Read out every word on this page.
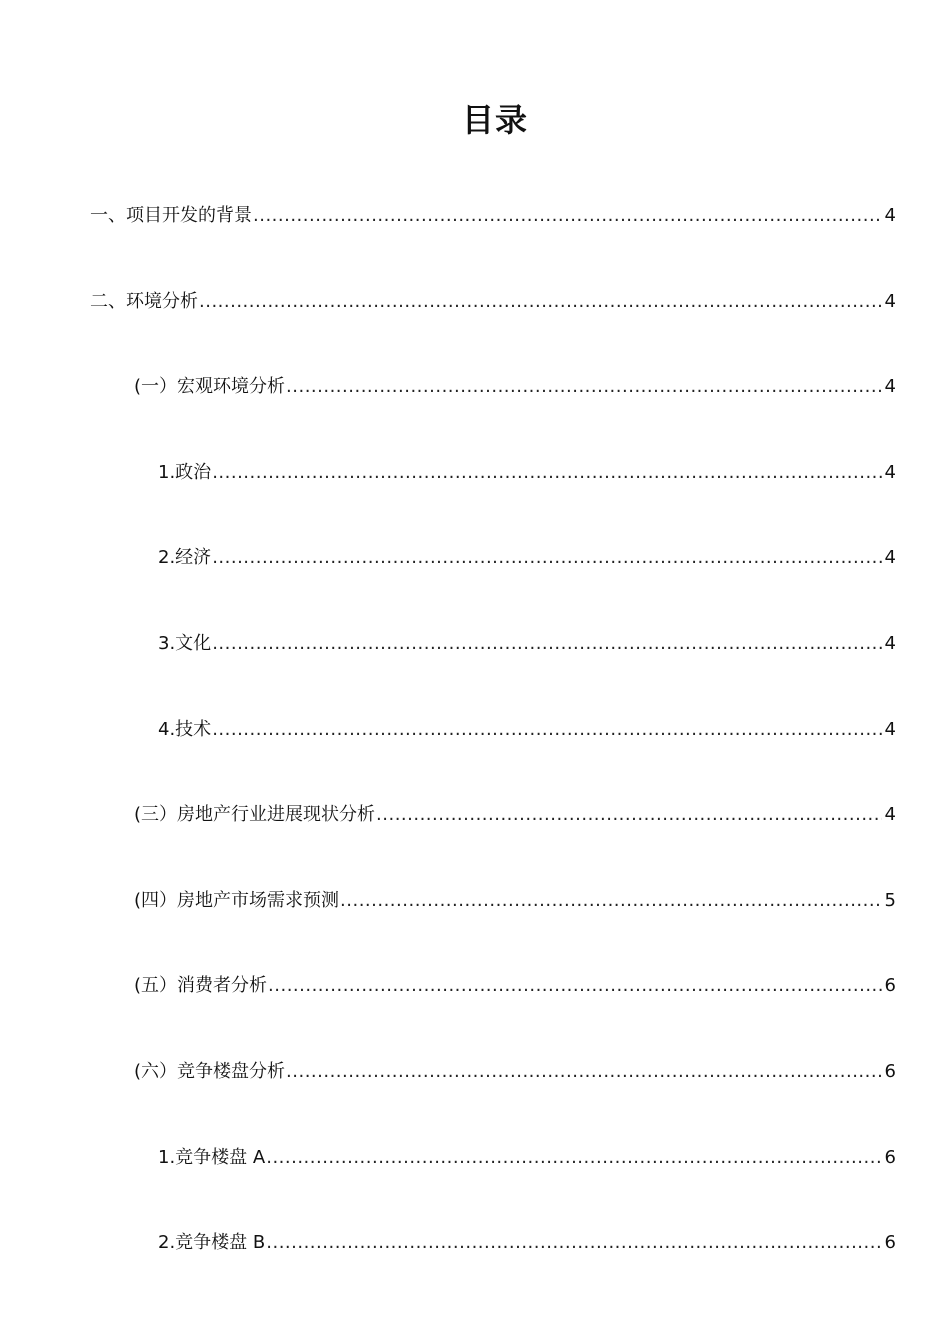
目录
一、项目开发的背景 .....	4
二、环境分析 .....	4
(一）宏观环境分析 .....	4
1.政治 .....	4
2.经济 .....	4
3.文化 .....	4
4.技术 .....	4
(三）房地产行业进展现状分析 .....	4
(四）房地产市场需求预测 .....	5
(五）消费者分析 .....	6
(六）竞争楼盘分析 .....	6
1.竞争楼盘 A .....	6
2.竞争楼盘 B .....	6
